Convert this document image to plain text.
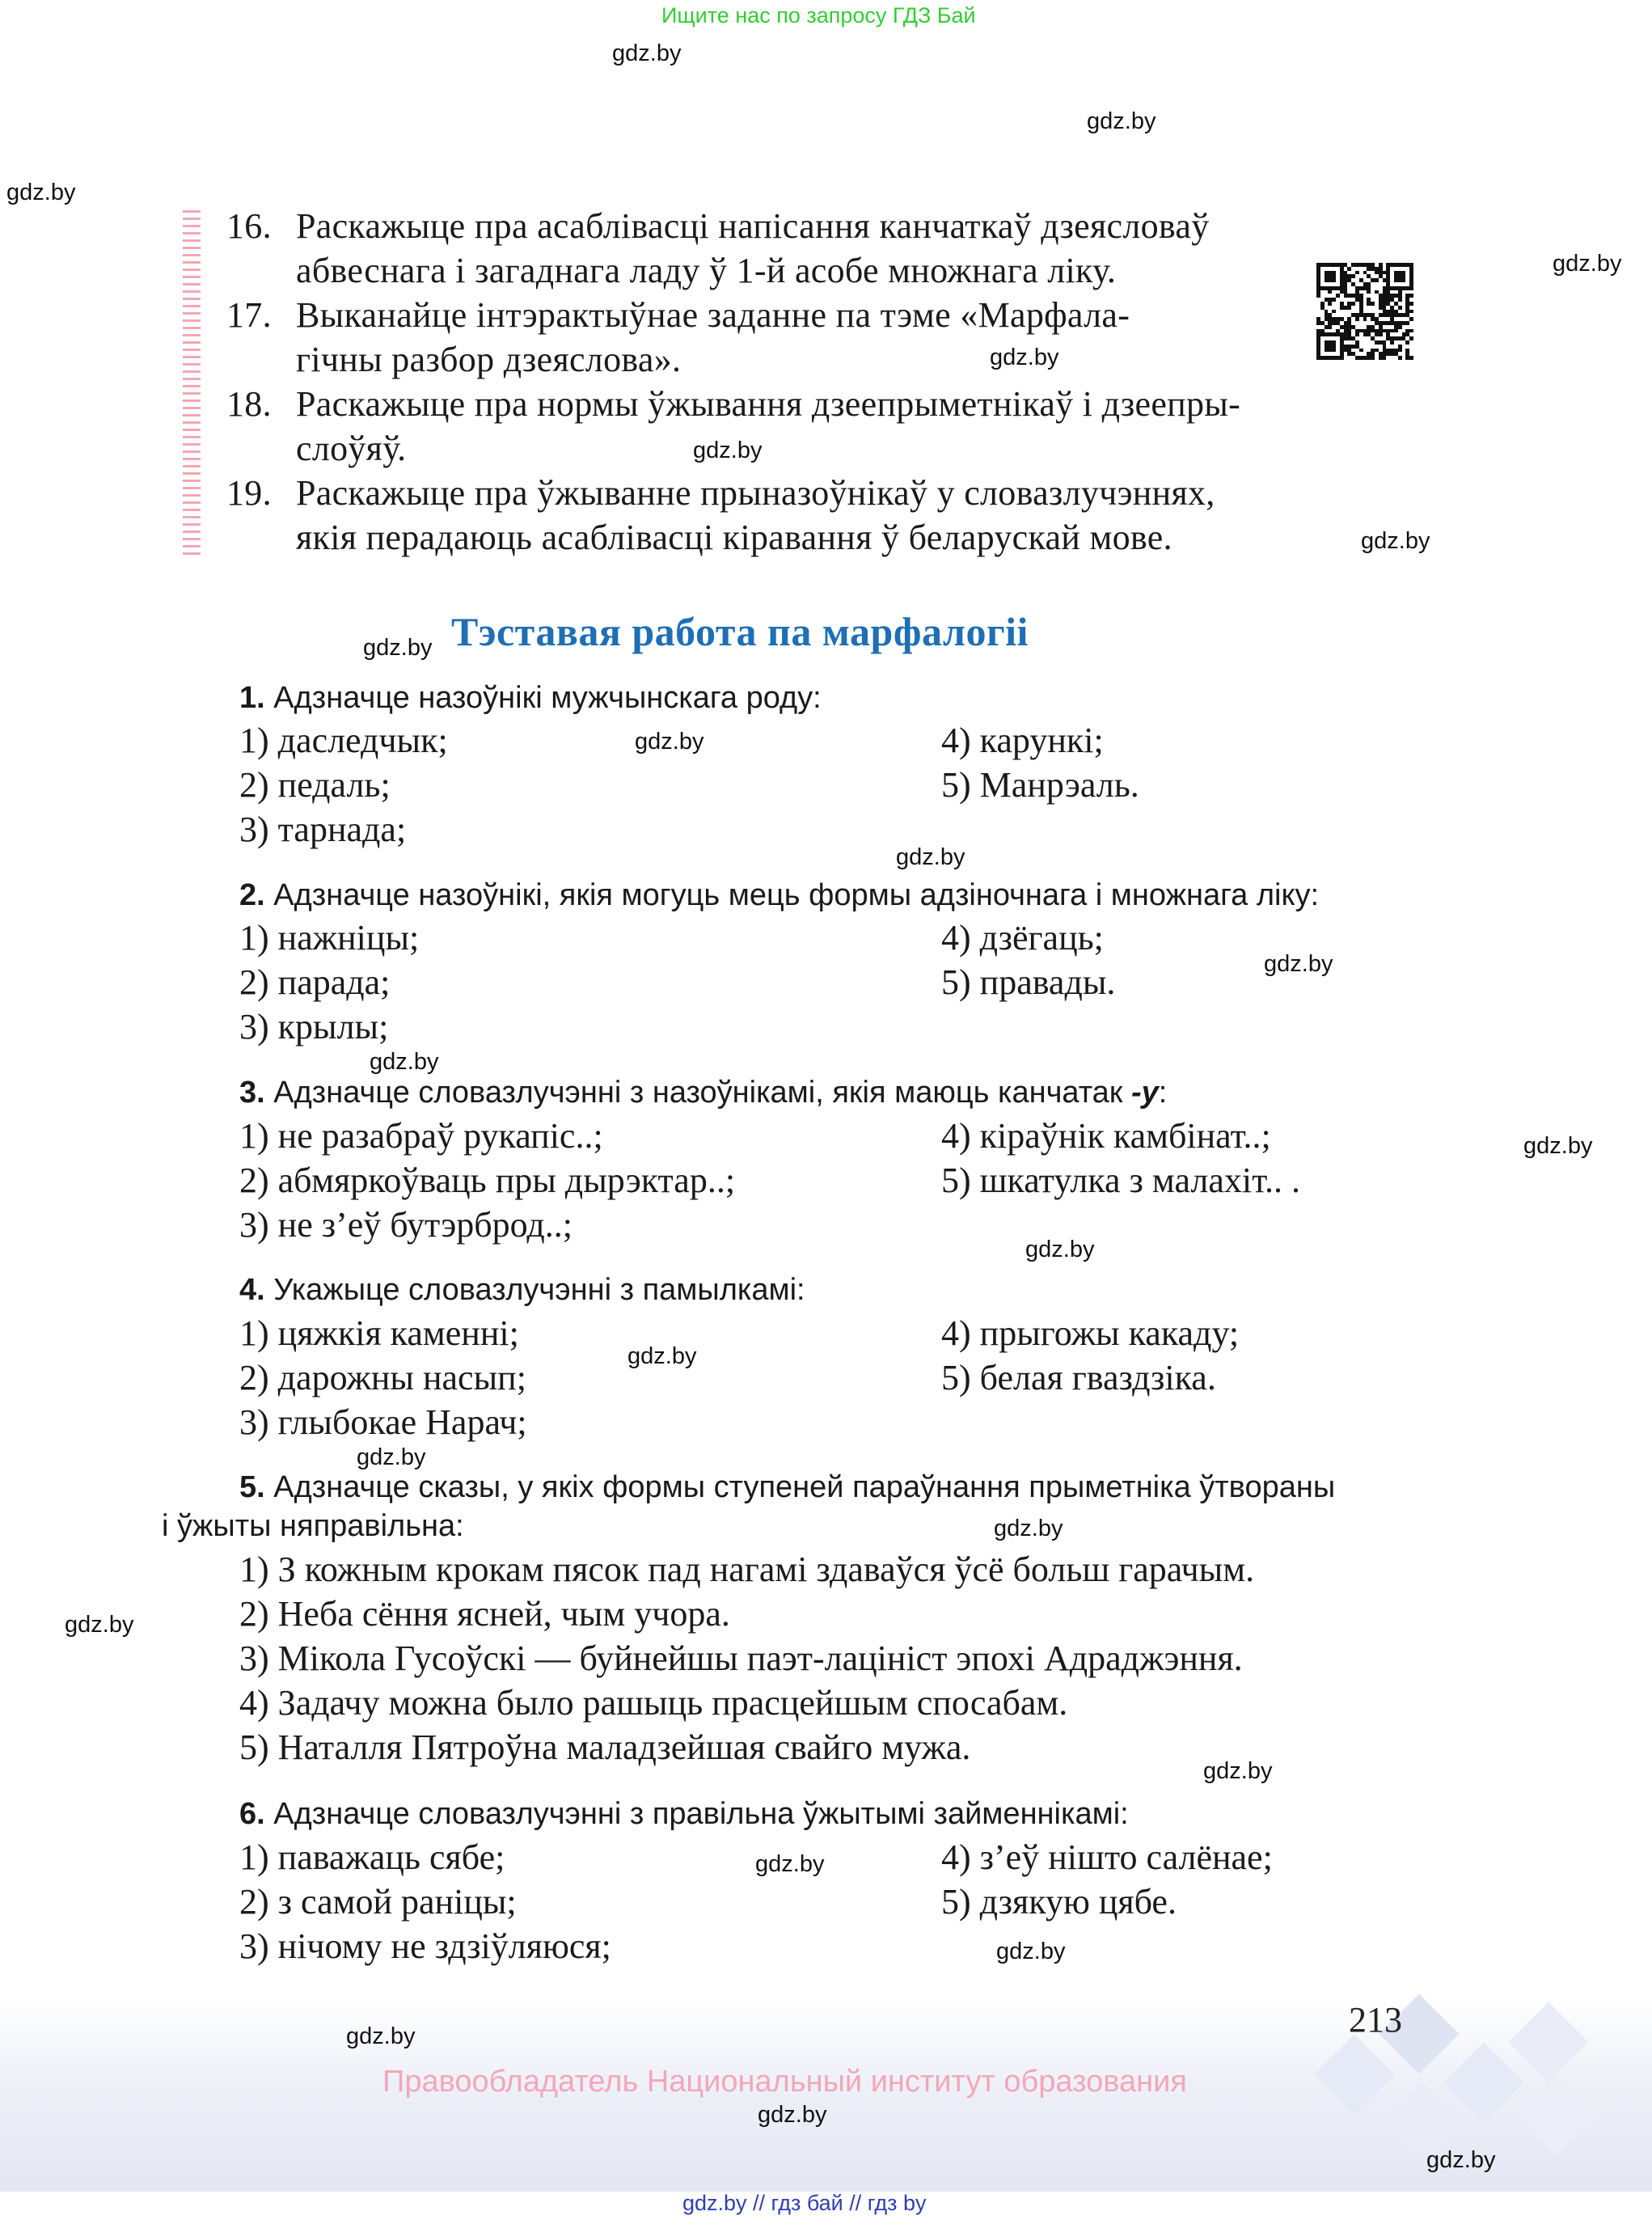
Ищите нас по запросу ГДЗ Бай
gdz.by
gdz.by
gdz.by
gdz.by
gdz.by
gdz.by
gdz.by
gdz.by
gdz.by
gdz.by
gdz.by
gdz.by
gdz.by
gdz.by
gdz.by
gdz.by
gdz.by
gdz.by
gdz.by
gdz.by
gdz.by
16. Раскажыце пра асаблівасці напісання канчаткаў дзеясловаў
абвеснага і загаднага ладу ў 1-й асобе множнага ліку.
17. Выканайце інтэрактыўнае заданне па тэме «Марфала-
гічны разбор дзеяслова».
18. Раскажыце пра нормы ўжывання дзеепрыметнікаў і дзеепры-
слоўяў.
19. Раскажыце пра ўжыванне прыназоўнікаў у словазлучэннях,
якія перадаюць асаблівасці кіравання ў беларускай мове.
Тэставая работа па марфалогіі
1. Адзначце назоўнікі мужчынскага роду:
1) даследчык;
2) педаль;
3) тарнада;
4) карункі;
5) Манрэаль.
2. Адзначце назоўнікі, якія могуць мець формы адзіночнага і множнага ліку:
1) нажніцы;
2) парада;
3) крылы;
4) дзёгаць;
5) правады.
3. Адзначце словазлучэнні з назоўнікамі, якія маюць канчатак -у:
1) не разабраў рукапіс..;
2) абмяркоўваць пры дырэктар..;
3) не з’еў бутэрброд..;
4) кіраўнік камбінат..;
5) шкатулка з малахіт.. .
4. Укажыце словазлучэнні з памылкамі:
1) цяжкія каменні;
2) дарожны насып;
3) глыбокае Нарач;
4) прыгожы какаду;
5) белая гваздзіка.
5. Адзначце сказы, у якіх формы ступеней параўнання прыметніка ўтвораны
і ўжыты няправільна:
1) З кожным крокам пясок пад нагамі здаваўся ўсё больш гарачым.
2) Неба сёння ясней, чым учора.
3) Мікола Гусоўскі — буйнейшы паэт-лацініст эпохі Адраджэння.
4) Задачу можна было рашыць прасцейшым спосабам.
5) Наталля Пятроўна маладзейшая свайго мужа.
6. Адзначце словазлучэнні з правільна ўжытымі займеннікамі:
1) паважаць сябе;
2) з самой раніцы;
3) нічому не здзіўляюся;
4) з’еў нішто салёнае;
5) дзякую цябе.
213
gdz.by
Правообладатель Национальный институт образования
gdz.by
gdz.by
gdz.by // гдз бай // гдз by
